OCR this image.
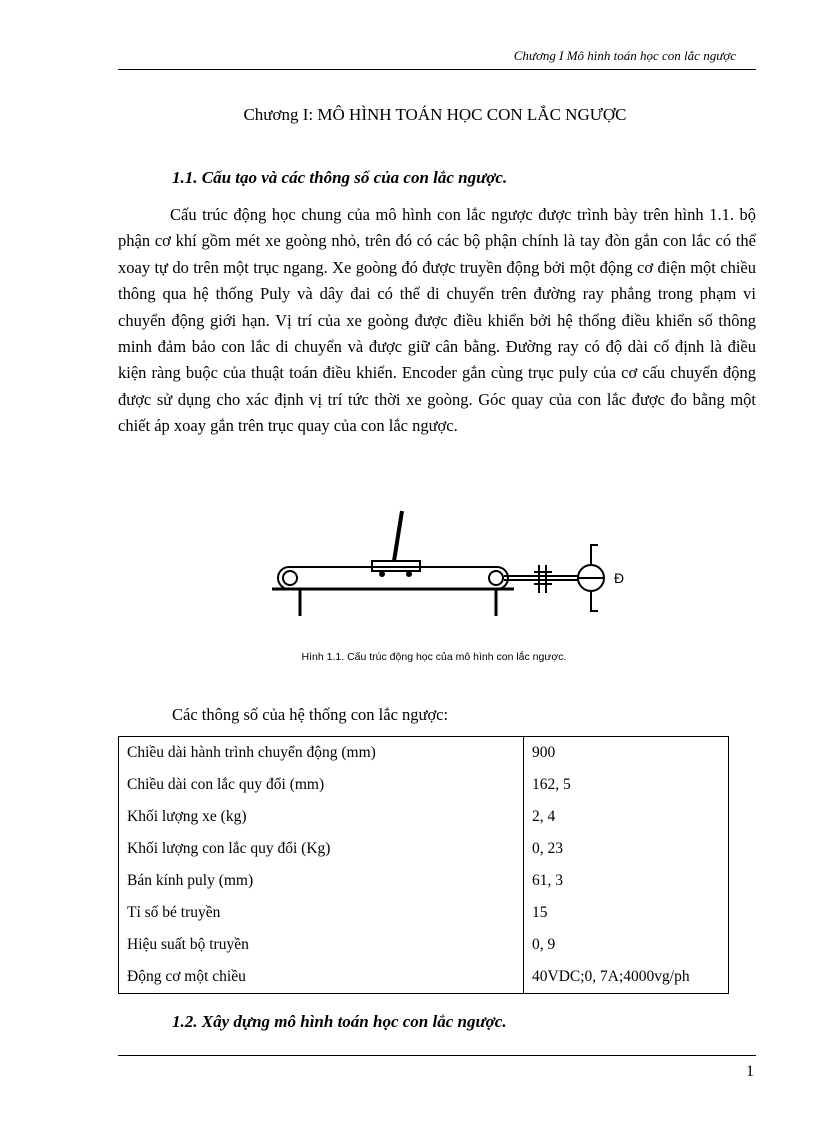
Chương I Mô hình toán học con lắc ngược
Chương I: MÔ HÌNH TOÁN HỌC CON LẮC NGƯỢC
1.1. Cấu tạo và các thông số của con lắc ngược.

Cấu trúc động học chung của mô hình con lắc ngược được trình bày trên hình 1.1. bộ phận cơ khí gồm mét xe goòng nhỏ, trên đó có các bộ phận chính là tay đòn gắn con lắc có thể xoay tự do trên một trục ngang. Xe goòng đó được truyền động bởi một động cơ điện một chiều thông qua hệ thống Puly và dây đai có thể di chuyển trên đường ray phẳng trong phạm vi chuyển động giới hạn. Vị trí của xe goòng được điều khiển bởi hệ thống điều khiển số thông minh đảm bảo con lắc di chuyển và được giữ cân bằng. Đường ray có độ dài cố định là điều kiện ràng buộc của thuật toán điều khiển. Encoder gắn cùng trục puly của cơ cấu chuyển động được sử dụng cho xác định vị trí tức thời xe goòng. Góc quay của con lắc được đo bằng một chiết áp xoay gắn trên trục quay của con lắc ngược.

Đ
Hình 1.1. Cấu trúc động học của mô hình con lắc ngược.
Các thông số của hệ thống con lắc ngược:
Chiều dài hành trình chuyển động (mm)	900
Chiều dài con lắc quy đổi (mm)	162, 5
Khối lượng xe (kg)	2, 4
Khối lượng con lắc quy đổi (Kg)	0, 23
Bán kính puly (mm)	61, 3
Tỉ số bé truyền	15
Hiệu suất bộ truyền	0, 9
Động cơ một chiều	40VDC;0, 7A;4000vg/ph
1.2. Xây dựng mô hình toán học con lắc ngược.
1
